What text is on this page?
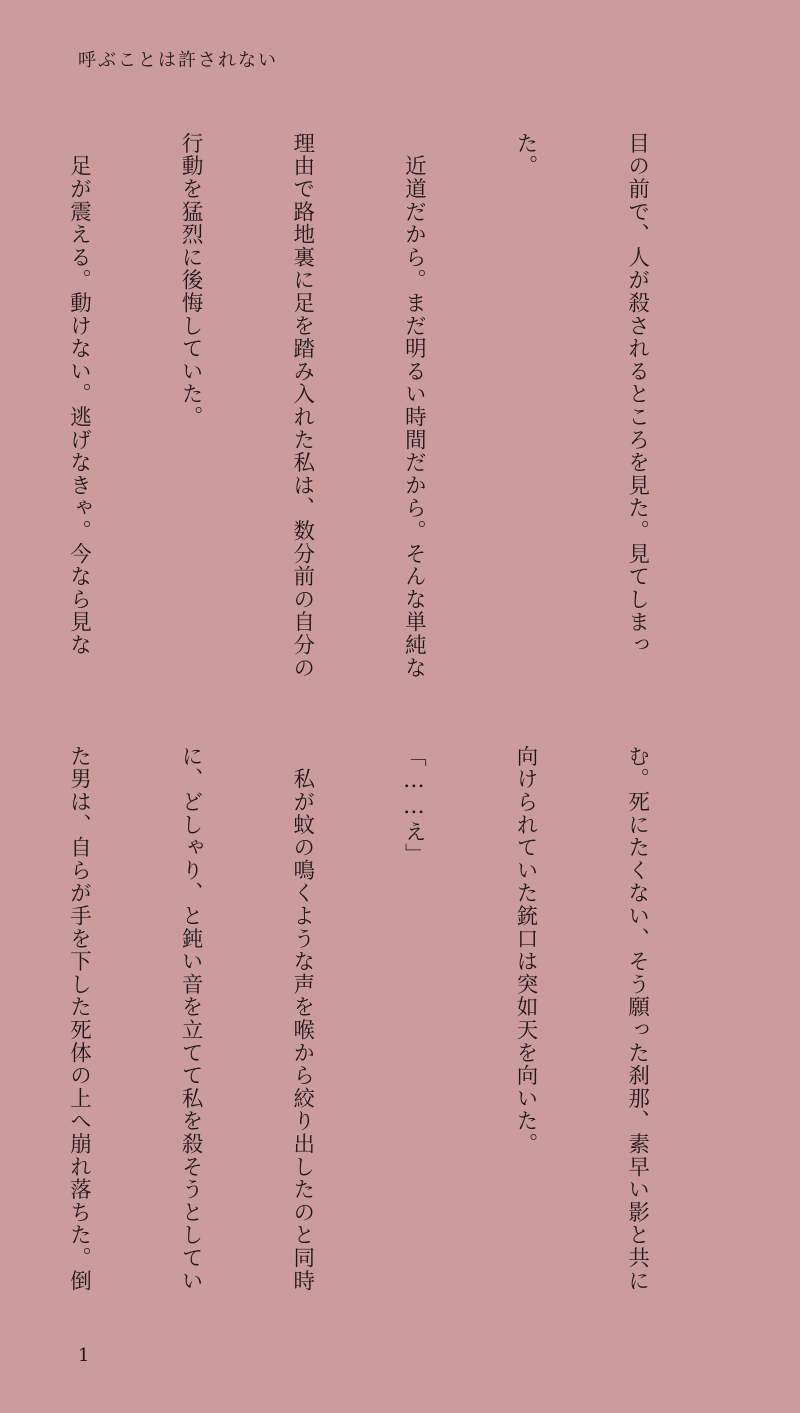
呼ぶことは許されない

目の前で、人が殺されるところを見た。見てしまっ

た。

　近道だから。まだ明るい時間だから。そんな単純な

理由で路地裏に足を踏み入れた私は、数分前の自分の

行動を猛烈に後悔していた。

　足が震える。動けない。逃げなきゃ。今なら見な

む。死にたくない、そう願った刹那、素早い影と共に

向けられていた銃口は突如天を向いた。

「……え」

　私が蚊の鳴くような声を喉から絞り出したのと同時

に、どしゃり、と鈍い音を立てて私を殺そうとしてい

た男は、自らが手を下した死体の上へ崩れ落ちた。倒

1
